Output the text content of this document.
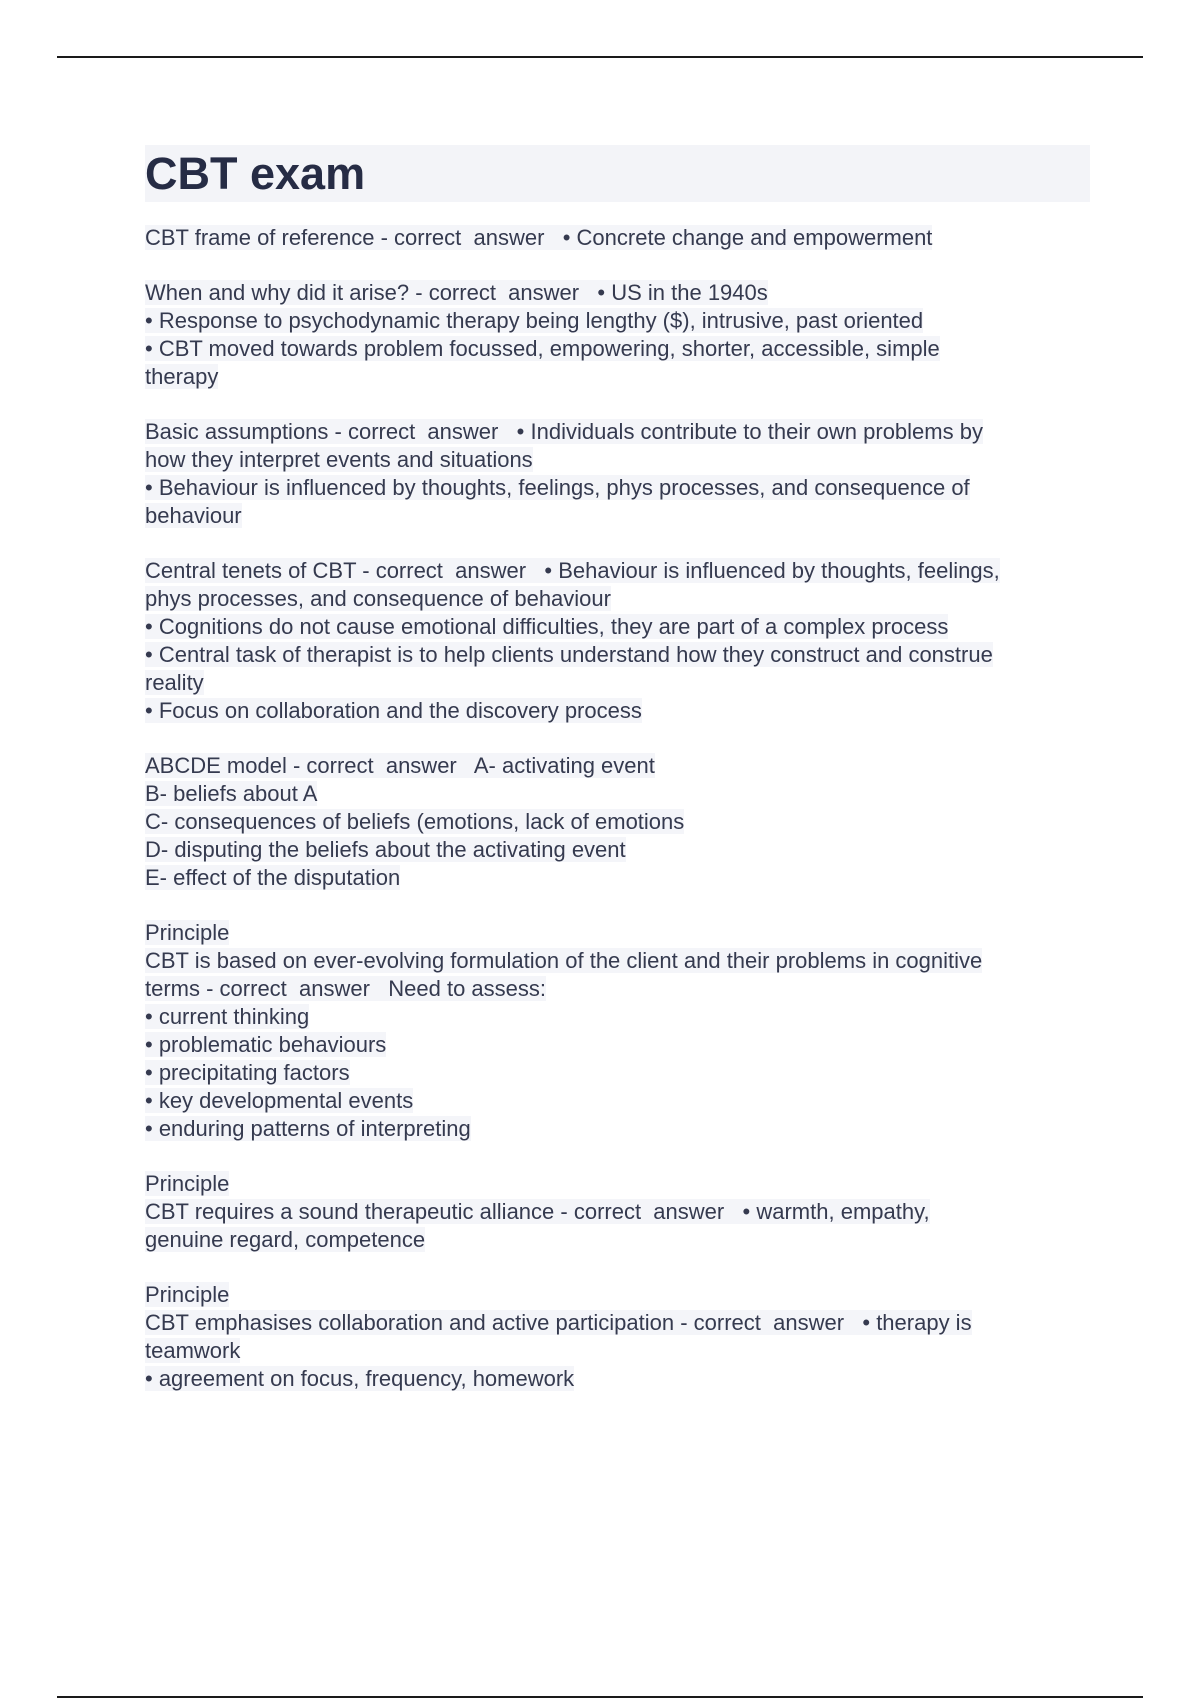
CBT exam
CBT frame of reference - correct  answer   • Concrete change and empowerment
When and why did it arise? - correct  answer   • US in the 1940s
• Response to psychodynamic therapy being lengthy ($), intrusive, past oriented
• CBT moved towards problem focussed, empowering, shorter, accessible, simple
therapy
Basic assumptions - correct  answer   • Individuals contribute to their own problems by
how they interpret events and situations
• Behaviour is influenced by thoughts, feelings, phys processes, and consequence of
behaviour
Central tenets of CBT - correct  answer   • Behaviour is influenced by thoughts, feelings,
phys processes, and consequence of behaviour
• Cognitions do not cause emotional difficulties, they are part of a complex process
• Central task of therapist is to help clients understand how they construct and construe
reality
• Focus on collaboration and the discovery process
ABCDE model - correct  answer   A- activating event
B- beliefs about A
C- consequences of beliefs (emotions, lack of emotions
D- disputing the beliefs about the activating event
E- effect of the disputation
Principle
CBT is based on ever-evolving formulation of the client and their problems in cognitive
terms - correct  answer   Need to assess:
• current thinking
• problematic behaviours
• precipitating factors
• key developmental events
• enduring patterns of interpreting
Principle
CBT requires a sound therapeutic alliance - correct  answer   • warmth, empathy,
genuine regard, competence
Principle
CBT emphasises collaboration and active participation - correct  answer   • therapy is
teamwork
• agreement on focus, frequency, homework
